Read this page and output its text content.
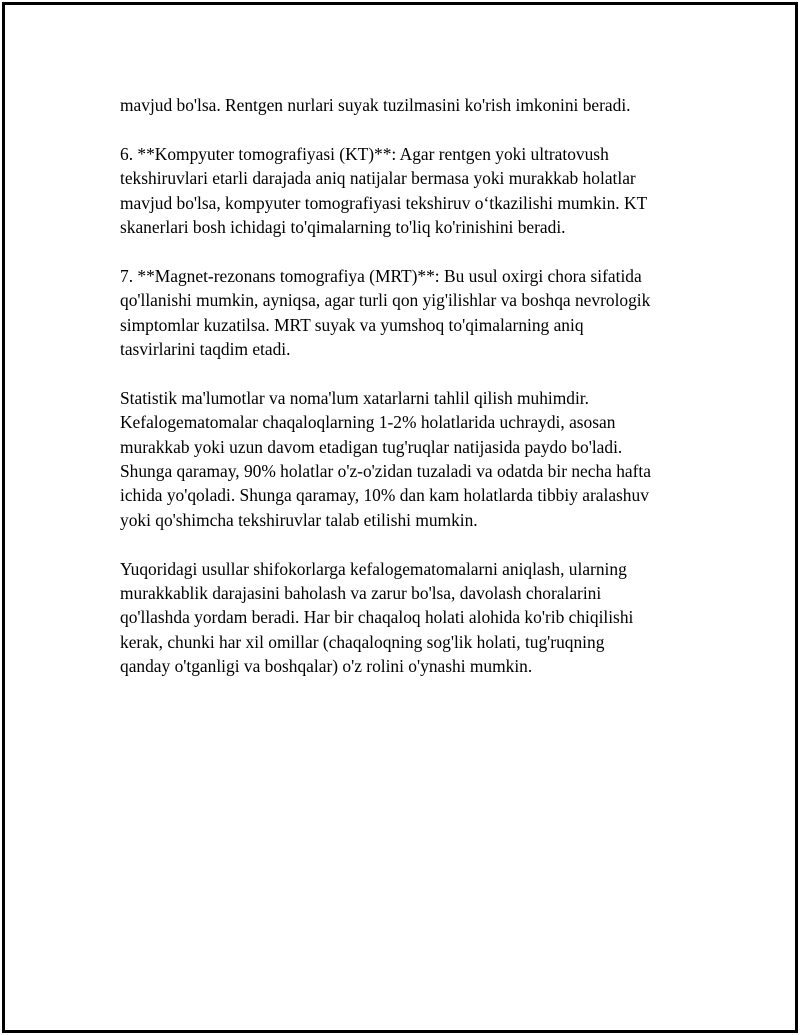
mavjud bo'lsa. Rentgen nurlari suyak tuzilmasini ko'rish imkonini beradi.

6. **Kompyuter tomografiyasi (KT)**: Agar rentgen yoki ultratovush
tekshiruvlari etarli darajada aniq natijalar bermasa yoki murakkab holatlar
mavjud bo'lsa, kompyuter tomografiyasi tekshiruv o‘tkazilishi mumkin. KT
skanerlari bosh ichidagi to'qimalarning to'liq ko'rinishini beradi.

7. **Magnet-rezonans tomografiya (MRT)**: Bu usul oxirgi chora sifatida
qo'llanishi mumkin, ayniqsa, agar turli qon yig'ilishlar va boshqa nevrologik
simptomlar kuzatilsa. MRT suyak va yumshoq to'qimalarning aniq
tasvirlarini taqdim etadi.

Statistik ma'lumotlar va noma'lum xatarlarni tahlil qilish muhimdir.
Kefalogematomalar chaqaloqlarning 1-2% holatlarida uchraydi, asosan
murakkab yoki uzun davom etadigan tug'ruqlar natijasida paydo bo'ladi.
Shunga qaramay, 90% holatlar o'z-o'zidan tuzaladi va odatda bir necha hafta
ichida yo'qoladi. Shunga qaramay, 10% dan kam holatlarda tibbiy aralashuv
yoki qo'shimcha tekshiruvlar talab etilishi mumkin.

Yuqoridagi usullar shifokorlarga kefalogematomalarni aniqlash, ularning
murakkablik darajasini baholash va zarur bo'lsa, davolash choralarini
qo'llashda yordam beradi. Har bir chaqaloq holati alohida ko'rib chiqilishi
kerak, chunki har xil omillar (chaqaloqning sog'lik holati, tug'ruqning
qanday o'tganligi va boshqalar) o'z rolini o'ynashi mumkin.
